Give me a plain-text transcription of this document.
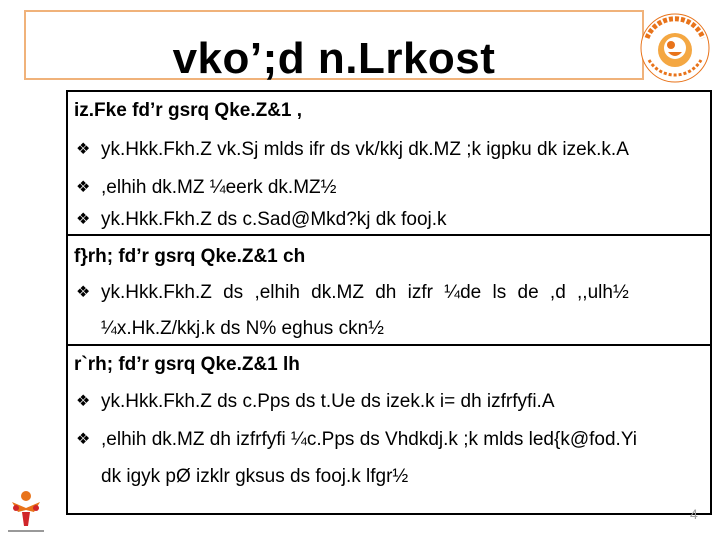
vko’;d n.Lrkost
iz.Fke fd’r gsrq Qke.Z&1 ,
❖ yk.Hkk.Fkh.Z vk.Sj mlds ifr ds vk/kkj dk.MZ ;k igpku dk izek.k.A
❖ ,elhih dk.MZ ¼eerk dk.MZ½
❖ yk.Hkk.Fkh.Z ds c.Sad@Mkd?kj dk fooj.k
f}rh; fd’r gsrq Qke.Z&1 ch
❖ yk.Hkk.Fkh.Z ds ,elhih dk.MZ dh izfr ¼de ls de ,d ,,ulh½
¼x.Hk.Z/kkj.k ds N% eghus ckn½
r`rh; fd’r gsrq Qke.Z&1 lh
❖ yk.Hkk.Fkh.Z ds c.Pps ds t.Ue ds izek.k i= dh izfrfyfi.A
❖ ,elhih dk.MZ dh izfrfyfi ¼c.Pps ds Vhdkdj.k ;k mlds led{k@fod.Yi
dk igyk pØ izklr gksus ds fooj.k lfgr½
4
